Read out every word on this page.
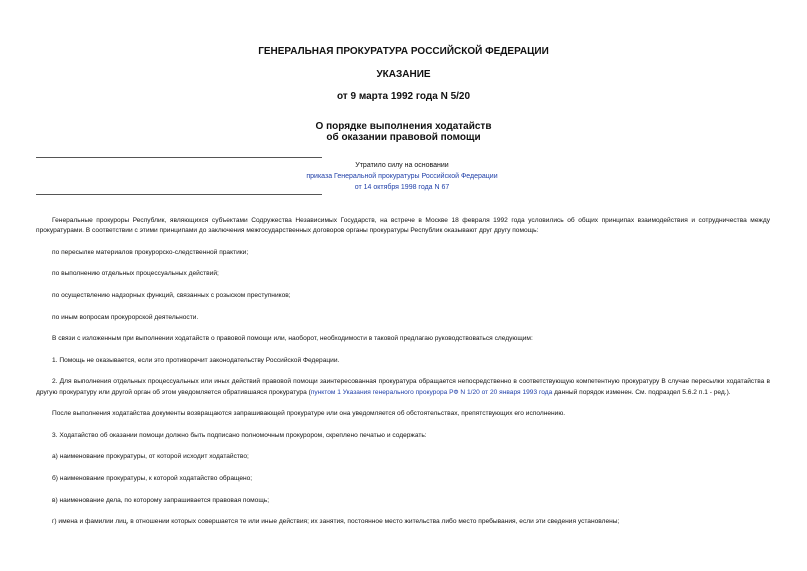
ГЕНЕРАЛЬНАЯ ПРОКУРАТУРА РОССИЙСКОЙ ФЕДЕРАЦИИ
УКАЗАНИЕ
от 9 марта 1992 года N 5/20
О порядке выполнения ходатайств
об оказании правовой помощи
Утратило силу на основании
приказа Генеральной прокуратуры Российской Федерации
от 14 октября 1998 года N 67

Генеральные прокуроры Республик, являющихся субъектами Содружества Независимых Государств, на встрече в Москве 18 февраля 1992 года условились об общих принципах взаимодействия и сотрудничества между прокуратурами. В соответствии с этими принципами до заключения межгосударственных договоров органы прокуратуры Республик оказывают друг другу помощь:

по пересылке материалов прокурорско-следственной практики;

по выполнению отдельных процессуальных действий;

по осуществлению надзорных функций, связанных с розыском преступников;

по иным вопросам прокурорской деятельности.

В связи с изложенным при выполнении ходатайств о правовой помощи или, наоборот, необходимости в таковой предлагаю руководствоваться следующим:

1. Помощь не оказывается, если это противоречит законодательству Российской Федерации.

2. Для выполнения отдельных процессуальных или иных действий правовой помощи заинтересованная прокуратура обращается непосредственно в соответствующую компетентную прокуратуру В случае пересылки ходатайства в другую прокуратуру или другой орган об этом уведомляется обратившаяся прокуратура (пунктом 1 Указания генерального прокурора РФ N 1/20 от 20 января 1993 года данный порядок изменен. См. подраздел 5.6.2 п.1 - ред.).

После выполнения ходатайства документы возвращаются запрашивающей прокуратуре или она уведомляется об обстоятельствах, препятствующих его исполнению.

3. Ходатайство об оказании помощи должно быть подписано полномочным прокурором, скреплено печатью и содержать:

а) наименование прокуратуры, от которой исходит ходатайство;

б) наименование прокуратуры, к которой ходатайство обращено;

в) наименование дела, по которому запрашивается правовая помощь;

г) имена и фамилии лиц, в отношении которых совершается те или иные действия; их занятия, постоянное место жительства либо место пребывания, если эти сведения установлены;
